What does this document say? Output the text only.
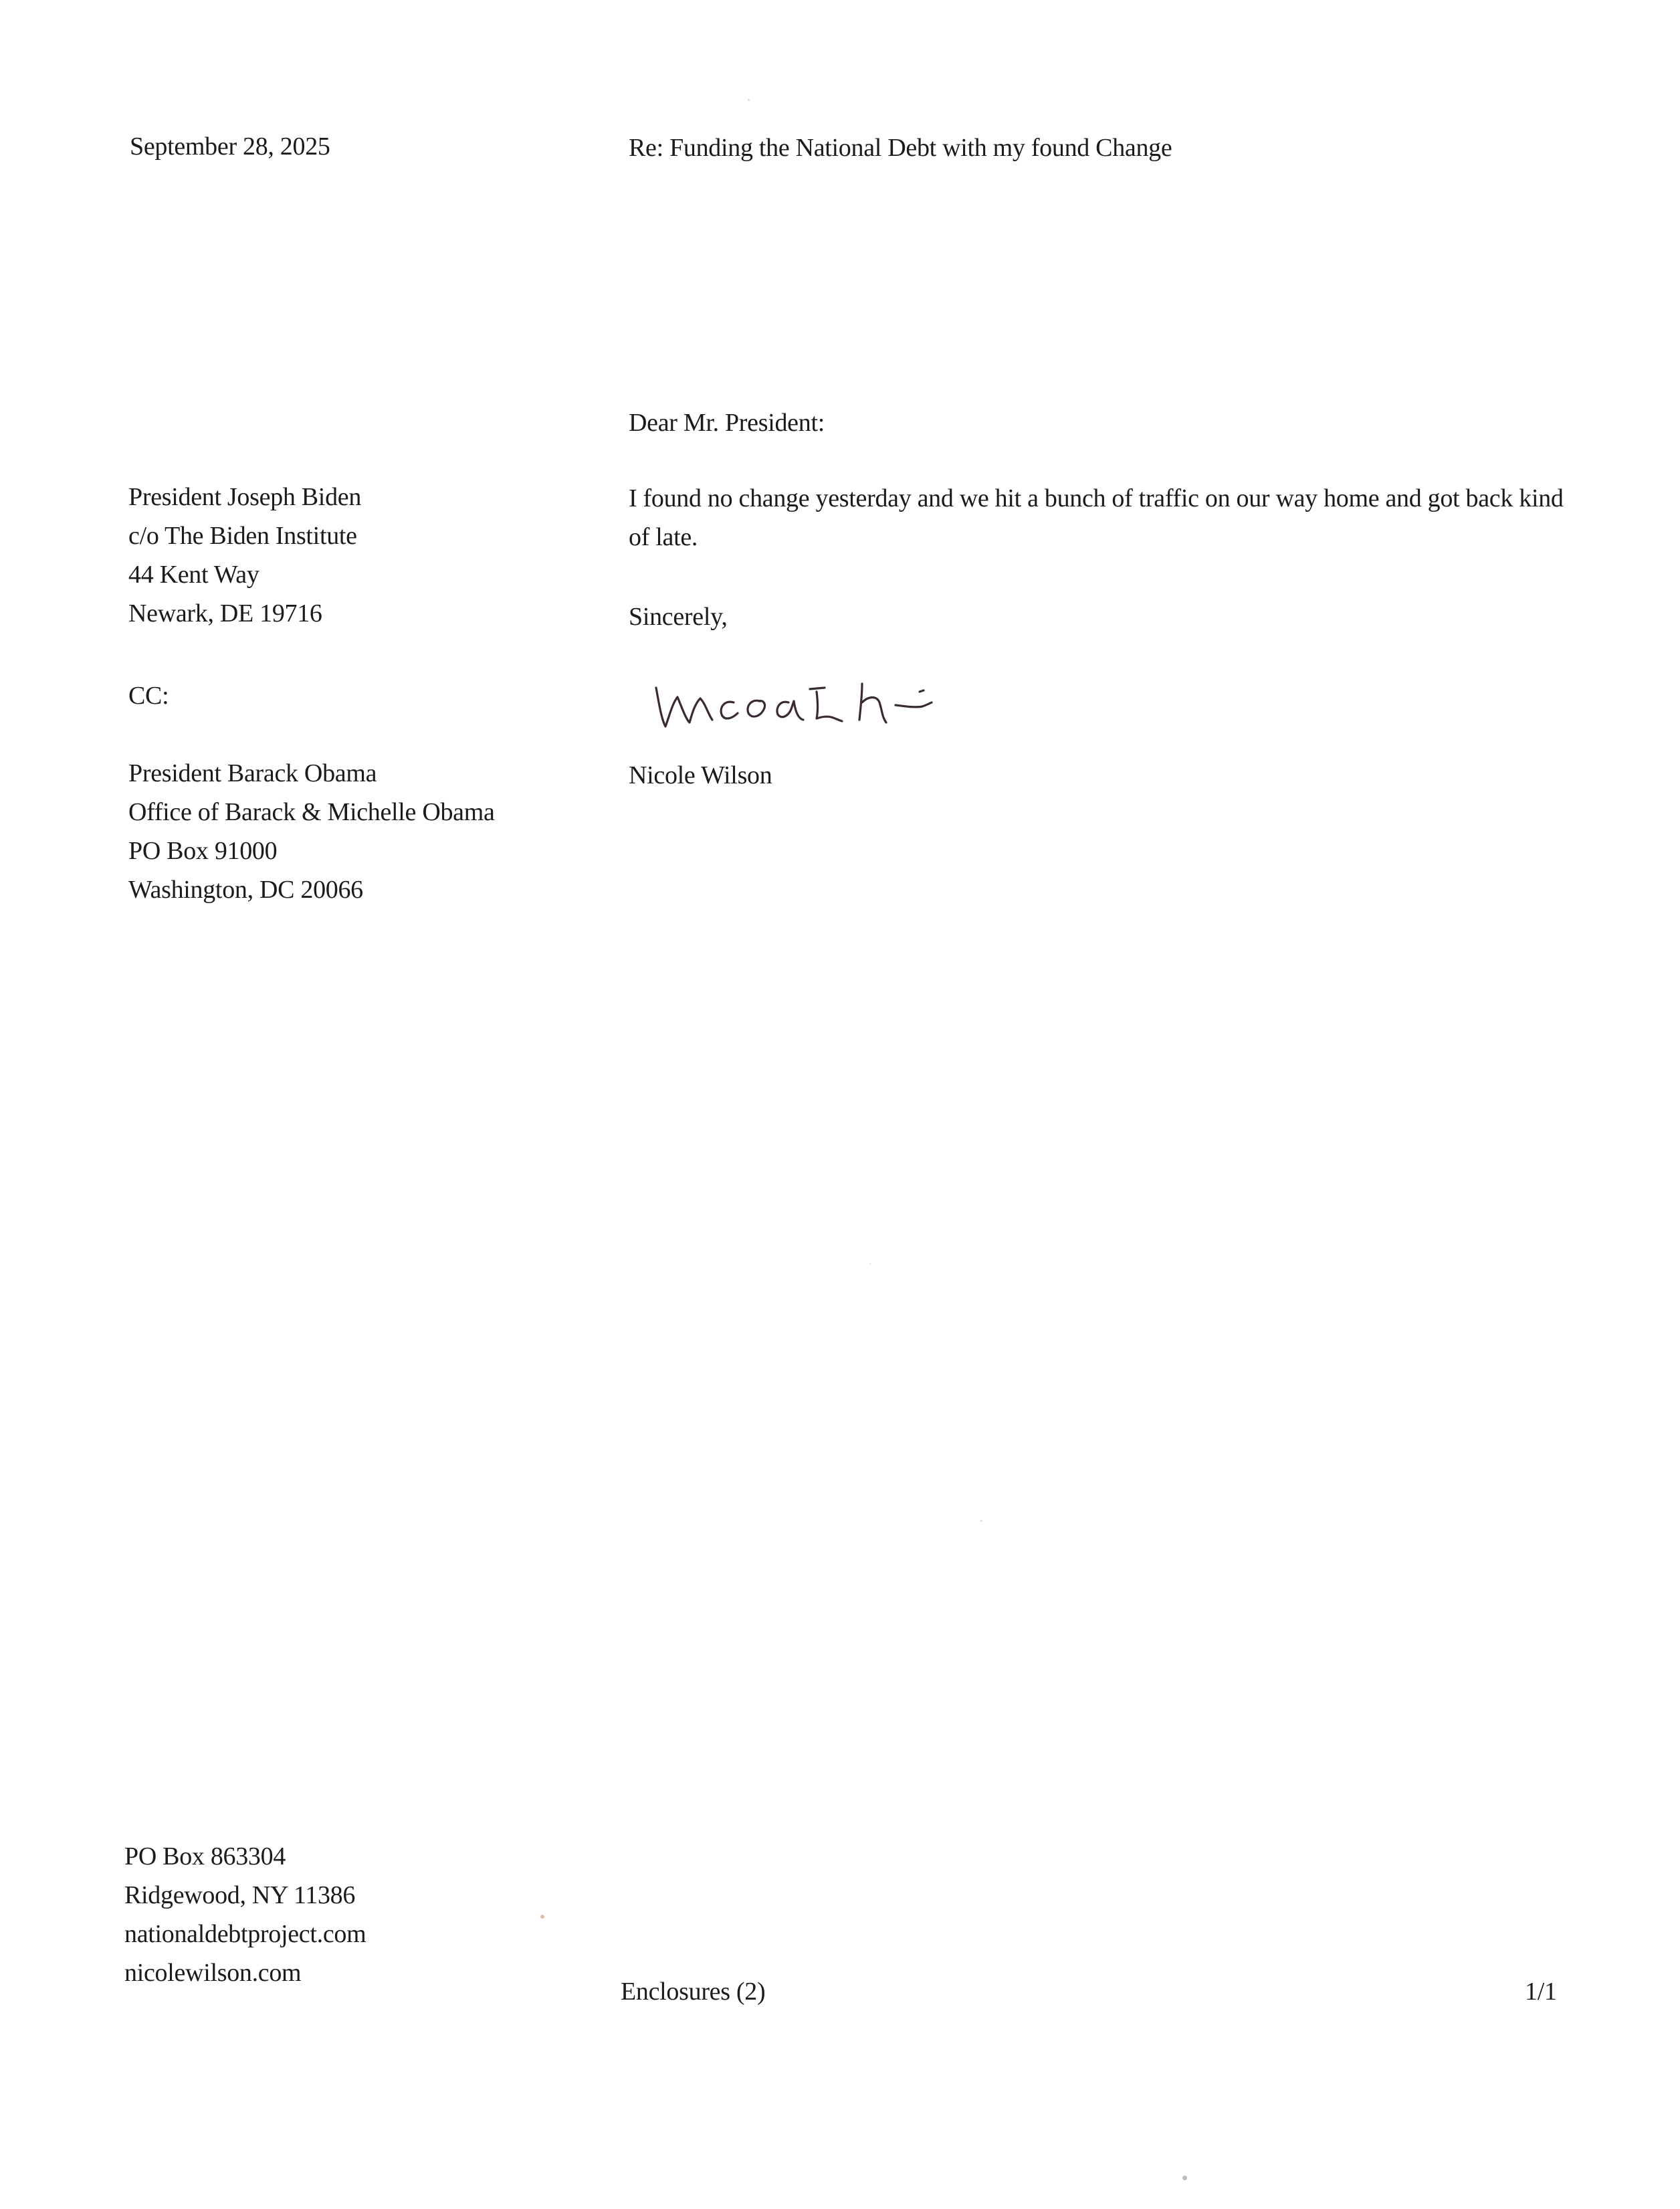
September 28, 2025	Re: Funding the National Debt with my found Change
Dear Mr. President:
President Joseph Biden
c/o The Biden Institute
44 Kent Way
Newark, DE 19716
I found no change yesterday and we hit a bunch of traffic on our way home and got back kind of late.
Sincerely,
CC:
Nicole Wilson
President Barack Obama
Office of Barack & Michelle Obama
PO Box 91000
Washington, DC 20066
PO Box 863304
Ridgewood, NY 11386
nationaldebtproject.com
nicolewilson.com
Enclosures (2)	1/1
